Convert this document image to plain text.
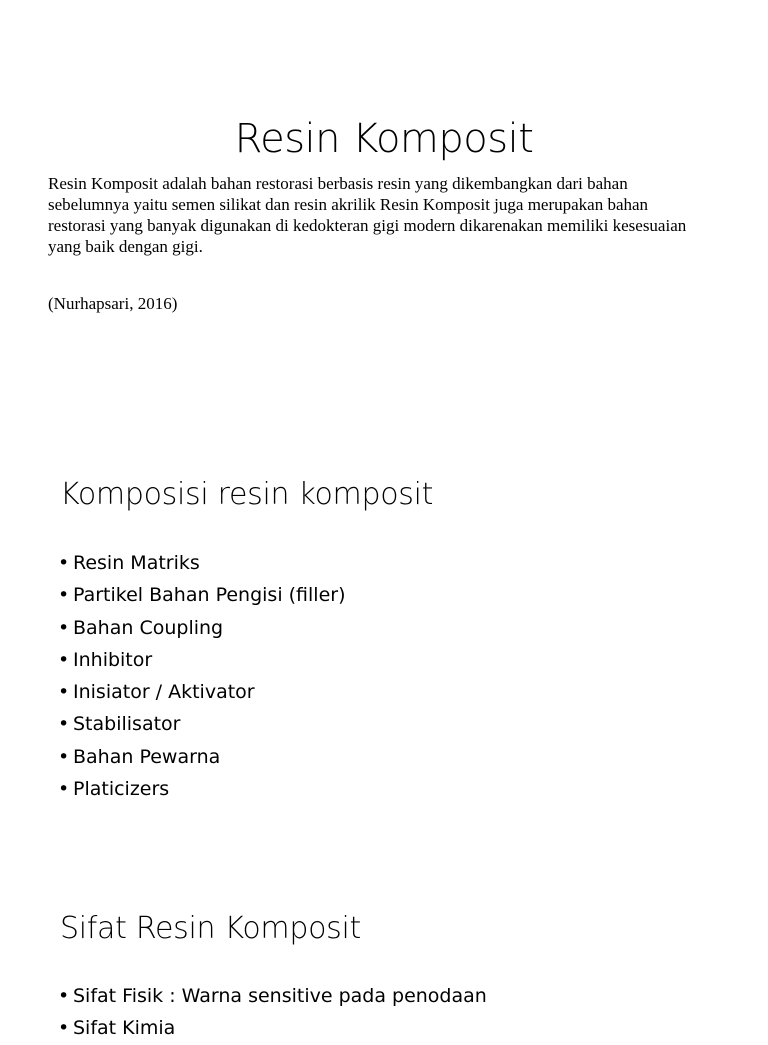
Resin Komposit

Resin Komposit adalah bahan restorasi berbasis resin yang dikembangkan dari bahan sebelumnya yaitu semen silikat dan resin akrilik Resin Komposit juga merupakan bahan restorasi yang banyak digunakan di kedokteran gigi modern dikarenakan memiliki kesesuaian yang baik dengan gigi.

(Nurhapsari, 2016)

Komposisi resin komposit
• Resin Matriks
• Partikel Bahan Pengisi (filler)
• Bahan Coupling
• Inhibitor
• Inisiator / Aktivator
• Stabilisator
• Bahan Pewarna
• Platicizers
Sifat Resin Komposit
• Sifat Fisik : Warna sensitive pada penodaan
• Sifat Kimia
